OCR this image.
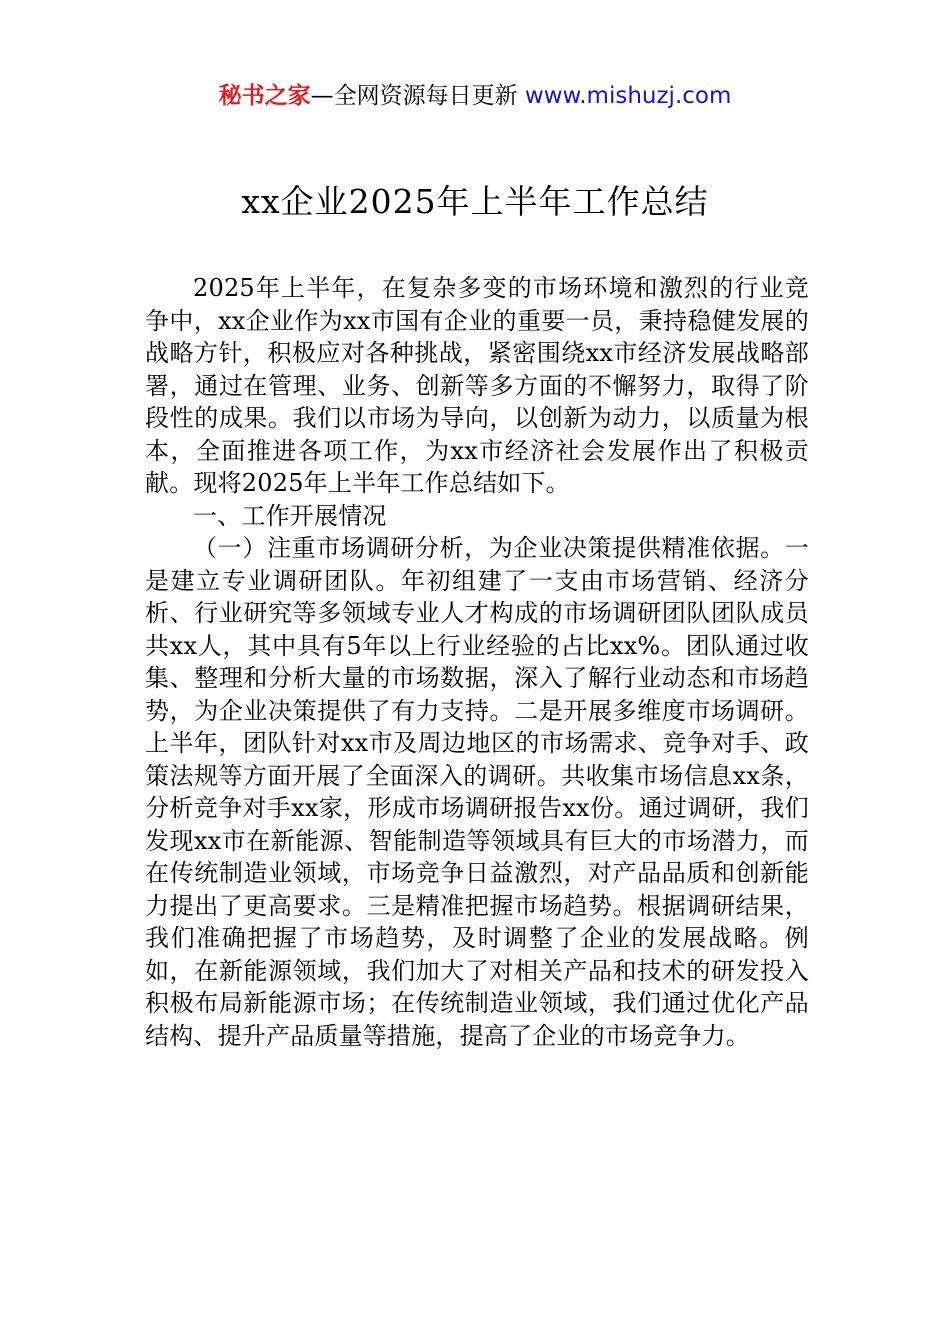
秘书之家—全网资源每日更新 www.mishuzj.com
xx企业2025年上半年工作总结

2025年上半年，在复杂多变的市场环境和激烈的行业竞争中，xx企业作为xx市国有企业的重要一员，秉持稳健发展的战略方针，积极应对各种挑战，紧密围绕xx市经济发展战略部署，通过在管理、业务、创新等多方面的不懈努力，取得了阶段性的成果。我们以市场为导向，以创新为动力，以质量为根本，全面推进各项工作，为xx市经济社会发展作出了积极贡献。现将2025年上半年工作总结如下。

一、工作开展情况

（一）注重市场调研分析，为企业决策提供精准依据。一是建立专业调研团队。年初组建了一支由市场营销、经济分析、行业研究等多领域专业人才构成的市场调研团队团队成员共xx人，其中具有5年以上行业经验的占比xx%。团队通过收集、整理和分析大量的市场数据，深入了解行业动态和市场趋势，为企业决策提供了有力支持。二是开展多维度市场调研。上半年，团队针对xx市及周边地区的市场需求、竞争对手、政策法规等方面开展了全面深入的调研。共收集市场信息xx条，分析竞争对手xx家，形成市场调研报告xx份。通过调研，我们发现xx市在新能源、智能制造等领域具有巨大的市场潜力，而在传统制造业领域，市场竞争日益激烈，对产品品质和创新能力提出了更高要求。三是精准把握市场趋势。根据调研结果，我们准确把握了市场趋势，及时调整了企业的发展战略。例如，在新能源领域，我们加大了对相关产品和技术的研发投入积极布局新能源市场；在传统制造业领域，我们通过优化产品结构、提升产品质量等措施，提高了企业的市场竞争力。
